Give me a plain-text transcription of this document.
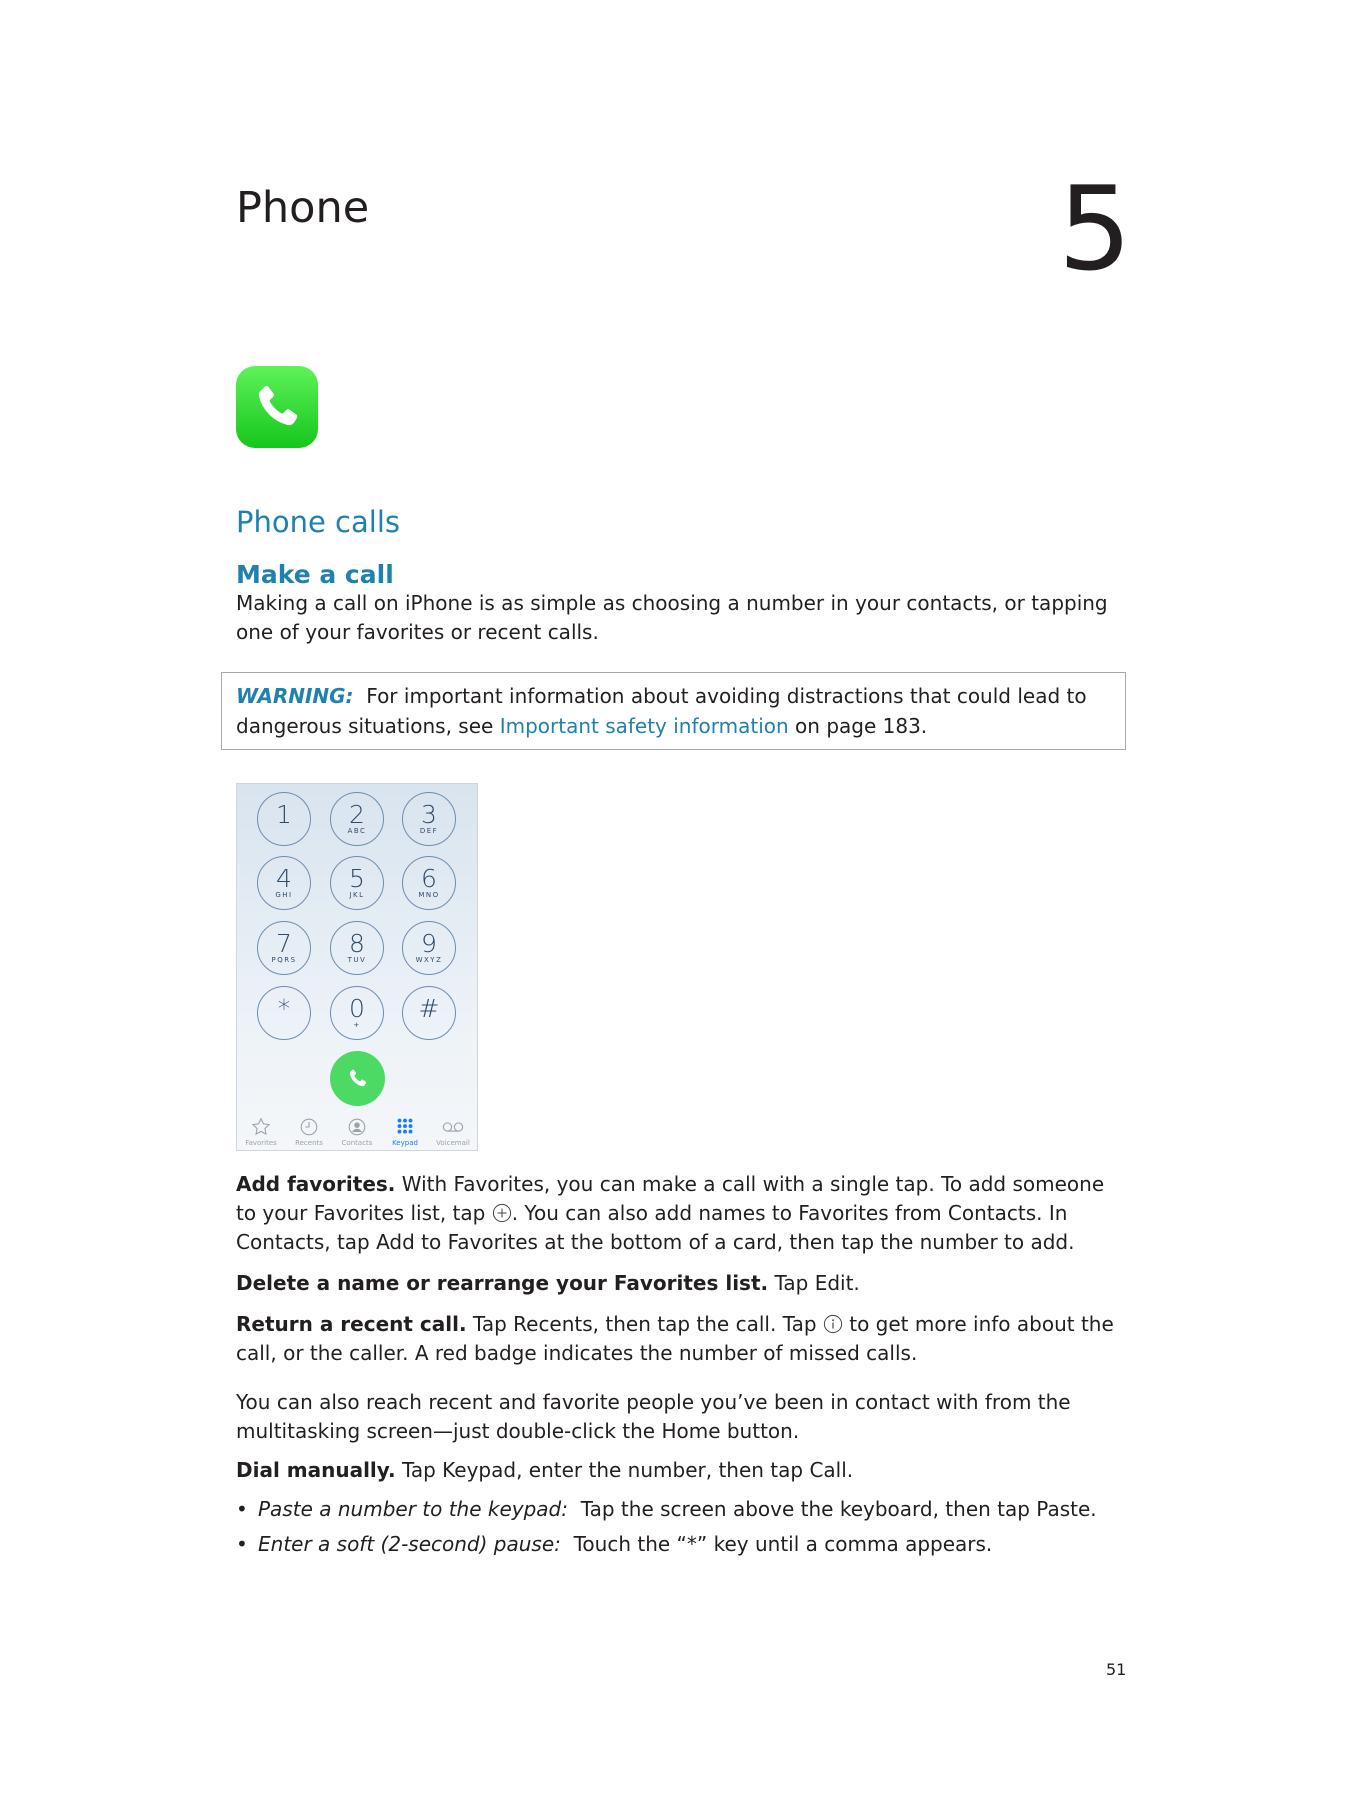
Phone	5
Phone calls
Make a call
Making a call on iPhone is as simple as choosing a number in your contacts, or tapping one of your favorites or recent calls.
WARNING: For important information about avoiding distractions that could lead to dangerous situations, see Important safety information on page 183.
1	2
ABC
3
DEF
4
GHI
5
JKL
6
MNO
7
PQRS
8
TUV
9
WXYZ
*	0
+
#
Favorites	Recents	Contacts	Keypad	Voicemail
Add favorites. With Favorites, you can make a call with a single tap. To add someone to your Favorites list, tap . You can also add names to Favorites from Contacts. In Contacts, tap Add to Favorites at the bottom of a card, then tap the number to add.
Delete a name or rearrange your Favorites list. Tap Edit.
Return a recent call. Tap Recents, then tap the call. Tap to get more info about the call, or the caller. A red badge indicates the number of missed calls.
You can also reach recent and favorite people you’ve been in contact with from the multitasking screen—just double-click the Home button.
Dial manually. Tap Keypad, enter the number, then tap Call.
• Paste a number to the keypad: Tap the screen above the keyboard, then tap Paste.
• Enter a soft (2-second) pause: Touch the “*” key until a comma appears.
51
